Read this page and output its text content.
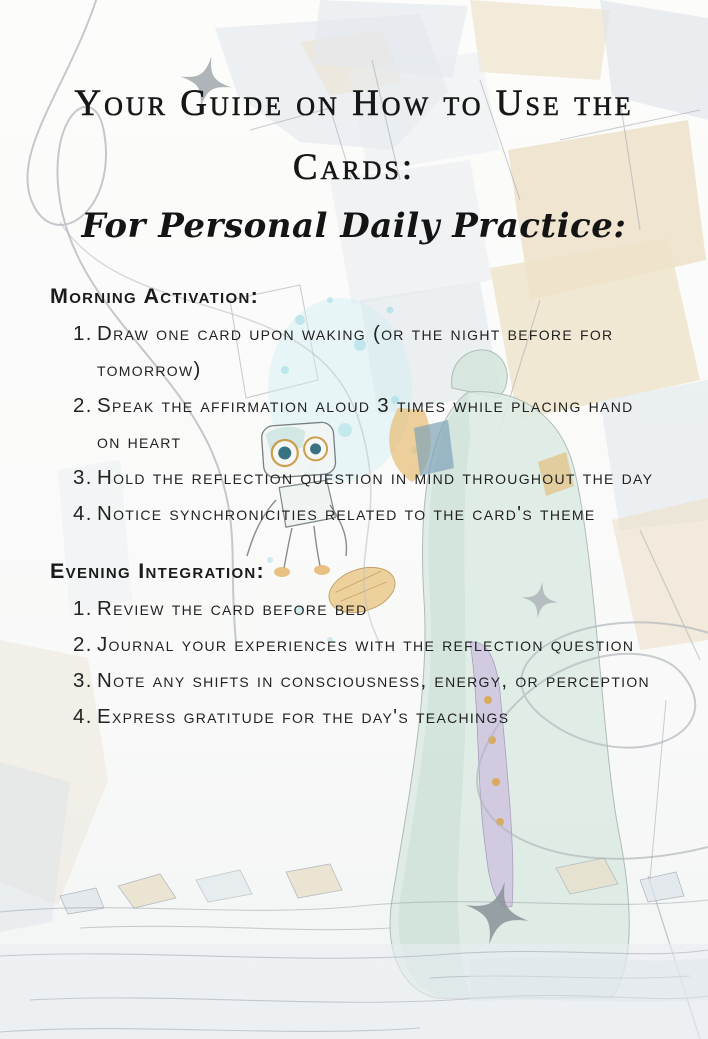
Your Guide on How to Use the
Cards:
For Personal Daily Practice:
Morning Activation:
1. Draw one card upon waking (or the night before for tomorrow)
2. Speak the affirmation aloud 3 times while placing hand on heart
3. Hold the reflection question in mind throughout the day
4. Notice synchronicities related to the card's theme
Evening Integration:
1. Review the card before bed
2. Journal your experiences with the reflection question
3. Note any shifts in consciousness, energy, or perception
4. Express gratitude for the day's teachings
